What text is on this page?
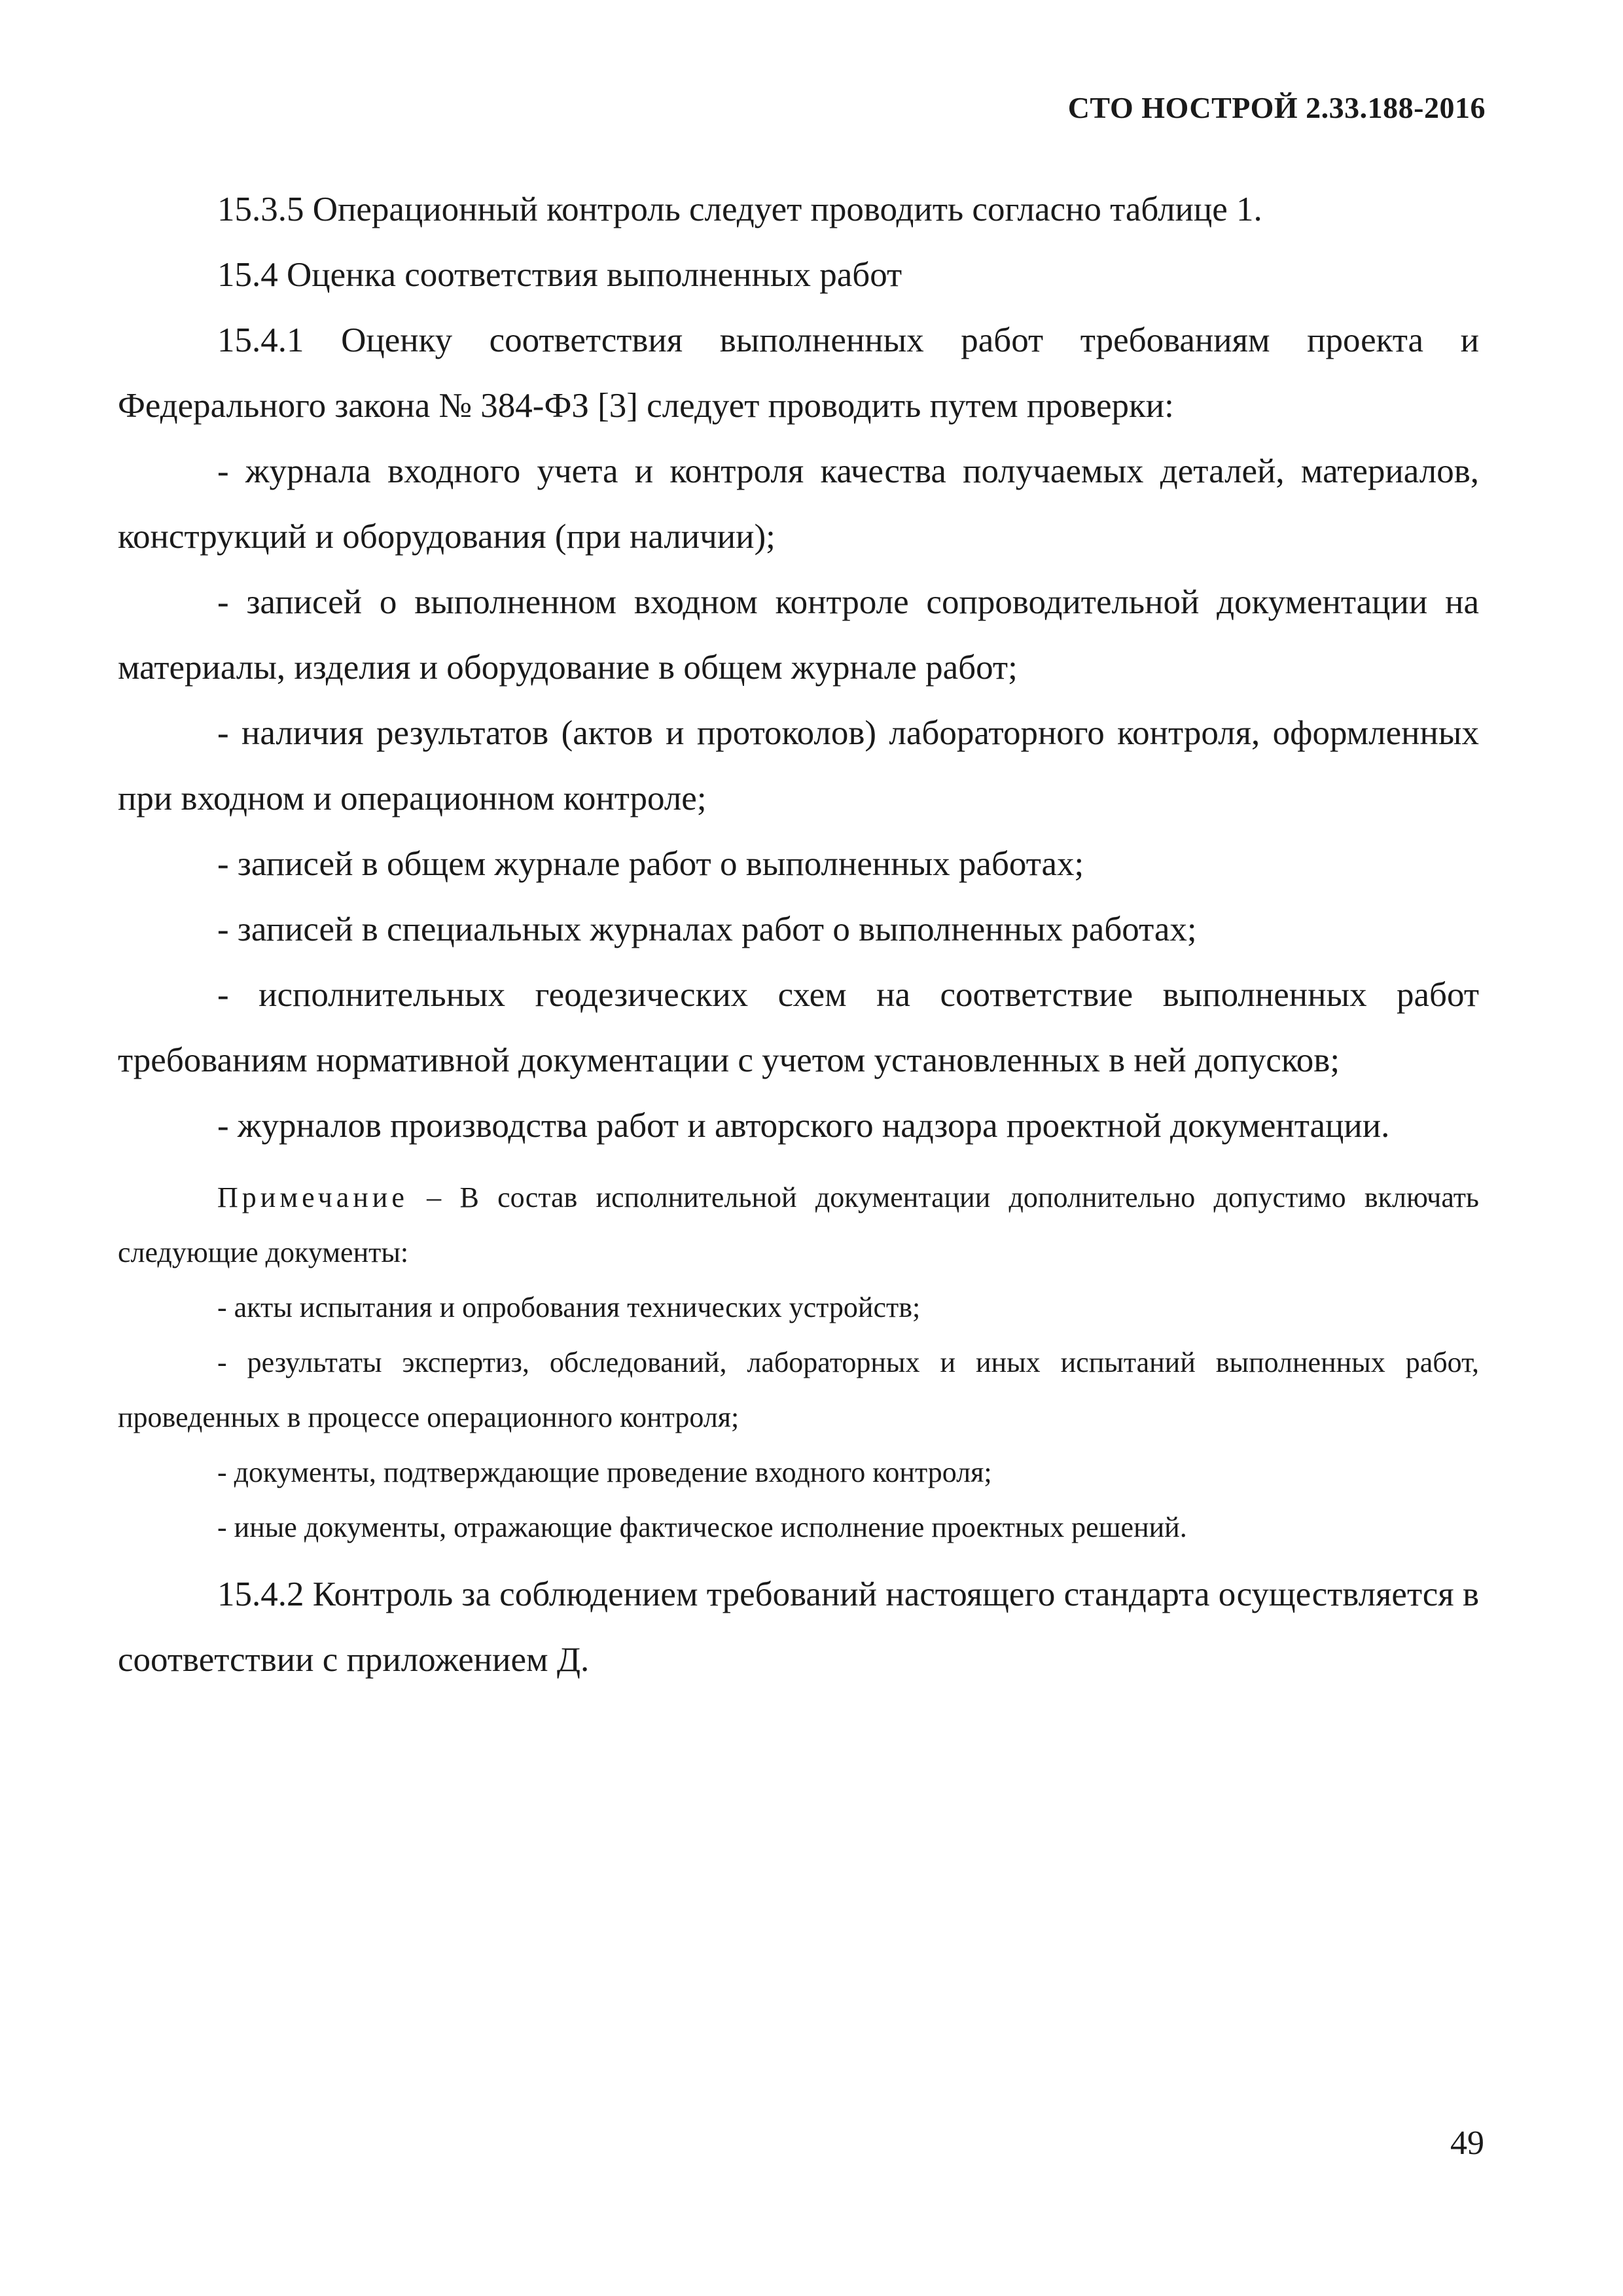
СТО НОСТРОЙ 2.33.188-2016

15.3.5 Операционный контроль следует проводить согласно таблице 1.

15.4 Оценка соответствия выполненных работ

15.4.1 Оценку соответствия выполненных работ требованиям проекта и Федерального закона № 384-ФЗ [3] следует проводить путем проверки:

- журнала входного учета и контроля качества получаемых деталей, материалов, конструкций и оборудования (при наличии);

- записей о выполненном входном контроле сопроводительной документации на материалы, изделия и оборудование в общем журнале работ;

- наличия результатов (актов и протоколов) лабораторного контроля, оформленных при входном и операционном контроле;

- записей в общем журнале работ о выполненных работах;

- записей в специальных журналах работ о выполненных работах;

- исполнительных геодезических схем на соответствие выполненных работ требованиям нормативной документации с учетом установленных в ней допусков;

- журналов производства работ и авторского надзора проектной документации.

Примечание – В состав исполнительной документации дополнительно допустимо включать следующие документы:

- акты испытания и опробования технических устройств;

- результаты экспертиз, обследований, лабораторных и иных испытаний выполненных работ, проведенных в процессе операционного контроля;

- документы, подтверждающие проведение входного контроля;

- иные документы, отражающие фактическое исполнение проектных решений.

15.4.2 Контроль за соблюдением требований настоящего стандарта осуществляется в соответствии с приложением Д.

49
